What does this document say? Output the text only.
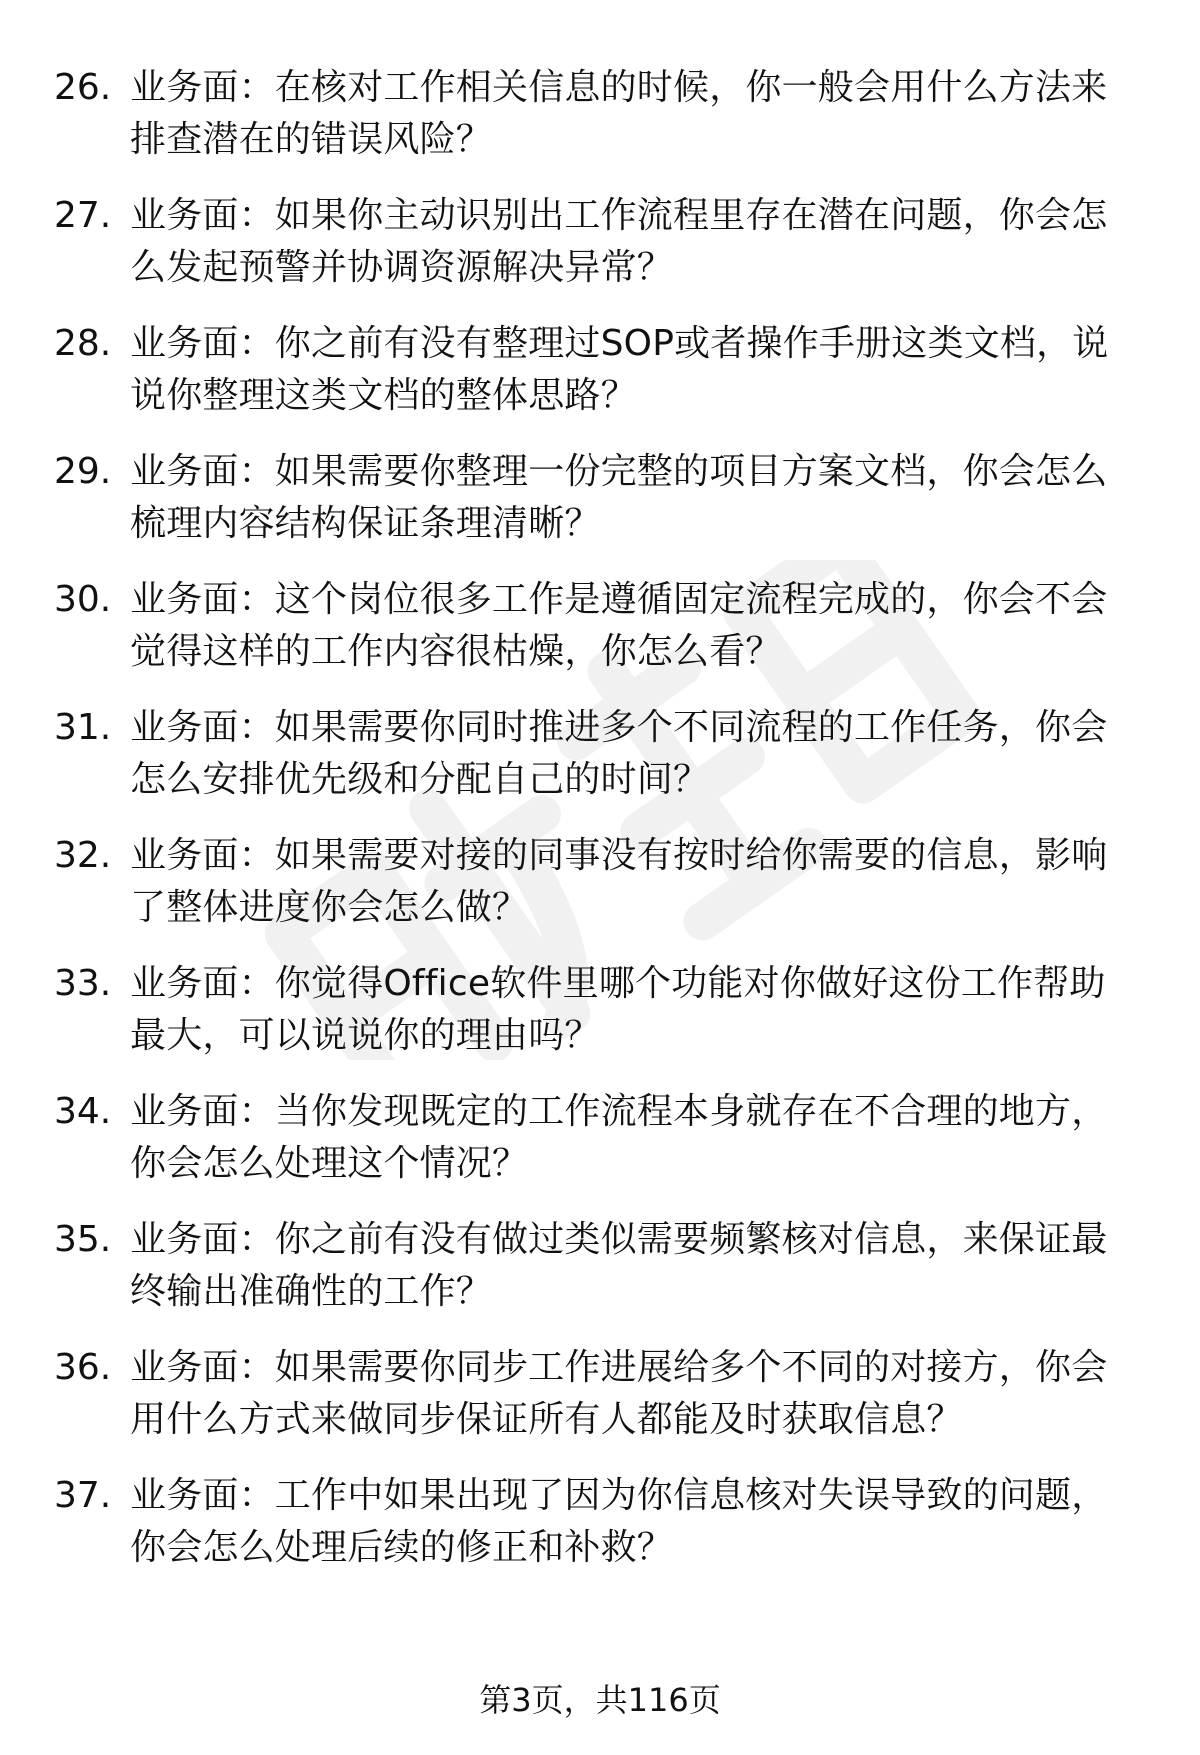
26. 业务面：在核对工作相关信息的时候，你一般会用什么方法来排查潜在的错误风险？
27. 业务面：如果你主动识别出工作流程里存在潜在问题，你会怎么发起预警并协调资源解决异常？
28. 业务面：你之前有没有整理过SOP或者操作手册这类文档，说说你整理这类文档的整体思路？
29. 业务面：如果需要你整理一份完整的项目方案文档，你会怎么梳理内容结构保证条理清晰？
30. 业务面：这个岗位很多工作是遵循固定流程完成的，你会不会觉得这样的工作内容很枯燥，你怎么看？
31. 业务面：如果需要你同时推进多个不同流程的工作任务，你会怎么安排优先级和分配自己的时间？
32. 业务面：如果需要对接的同事没有按时给你需要的信息，影响了整体进度你会怎么做？
33. 业务面：你觉得Office软件里哪个功能对你做好这份工作帮助最大，可以说说你的理由吗？
34. 业务面：当你发现既定的工作流程本身就存在不合理的地方，你会怎么处理这个情况？
35. 业务面：你之前有没有做过类似需要频繁核对信息，来保证最终输出准确性的工作？
36. 业务面：如果需要你同步工作进展给多个不同的对接方，你会用什么方式来做同步保证所有人都能及时获取信息？
37. 业务面：工作中如果出现了因为你信息核对失误导致的问题，你会怎么处理后续的修正和补救？
第3页，共116页
